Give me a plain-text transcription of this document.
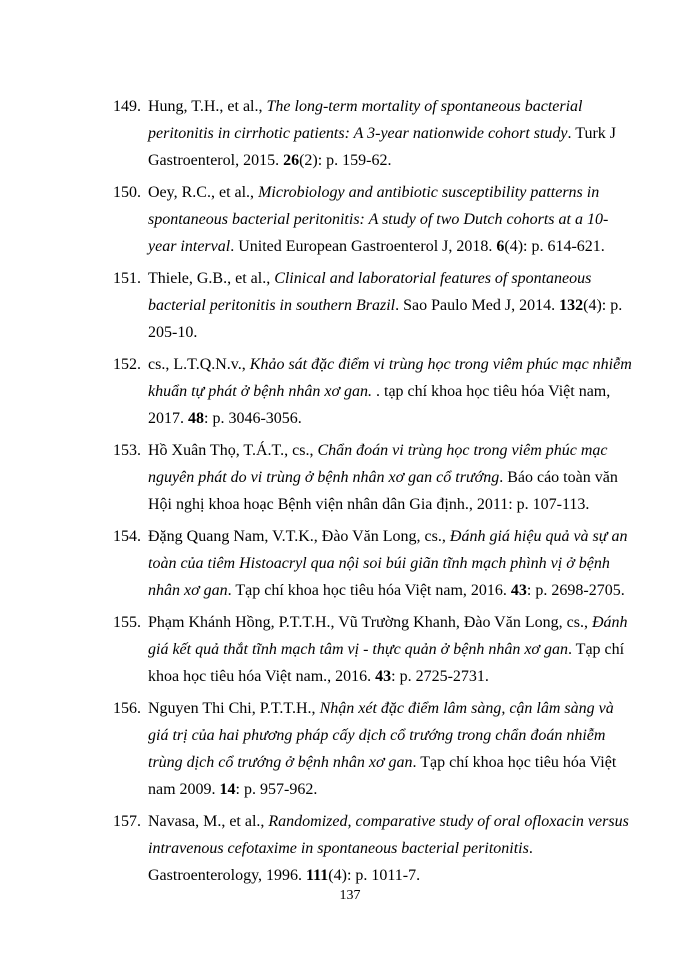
149. Hung, T.H., et al., The long-term mortality of spontaneous bacterial peritonitis in cirrhotic patients: A 3-year nationwide cohort study. Turk J Gastroenterol, 2015. 26(2): p. 159-62.
150. Oey, R.C., et al., Microbiology and antibiotic susceptibility patterns in spontaneous bacterial peritonitis: A study of two Dutch cohorts at a 10-year interval. United European Gastroenterol J, 2018. 6(4): p. 614-621.
151. Thiele, G.B., et al., Clinical and laboratorial features of spontaneous bacterial peritonitis in southern Brazil. Sao Paulo Med J, 2014. 132(4): p. 205-10.
152. cs., L.T.Q.N.v., Khảo sát đặc điểm vi trùng học trong viêm phúc mạc nhiễm khuẩn tự phát ở bệnh nhân xơ gan. . tạp chí khoa học tiêu hóa Việt nam, 2017. 48: p. 3046-3056.
153. Hồ Xuân Thọ, T.Á.T., cs., Chẩn đoán vi trùng học trong viêm phúc mạc nguyên phát do vi trùng ở bệnh nhân xơ gan cổ trướng. Báo cáo toàn văn Hội nghị khoa hoạc Bệnh viện nhân dân Gia định., 2011: p. 107-113.
154. Đặng Quang Nam, V.T.K., Đào Văn Long, cs., Đánh giá hiệu quả và sự an toàn của tiêm Histoacryl qua nội soi búi giãn tĩnh mạch phình vị ở bệnh nhân xơ gan. Tạp chí khoa học tiêu hóa Việt nam, 2016. 43: p. 2698-2705.
155. Phạm Khánh Hồng, P.T.T.H., Vũ Trường Khanh, Đào Văn Long, cs., Đánh giá kết quả thắt tĩnh mạch tâm vị - thực quản ở bệnh nhân xơ gan. Tạp chí khoa học tiêu hóa Việt nam., 2016. 43: p. 2725-2731.
156. Nguyen Thi Chi, P.T.T.H., Nhận xét đặc điểm lâm sàng, cận lâm sàng và giá trị của hai phương pháp cấy dịch cổ trướng trong chẩn đoán nhiễm trùng dịch cổ trướng ở bệnh nhân xơ gan. Tạp chí khoa học tiêu hóa Việt nam 2009. 14: p. 957-962.
157. Navasa, M., et al., Randomized, comparative study of oral ofloxacin versus intravenous cefotaxime in spontaneous bacterial peritonitis. Gastroenterology, 1996. 111(4): p. 1011-7.
137
